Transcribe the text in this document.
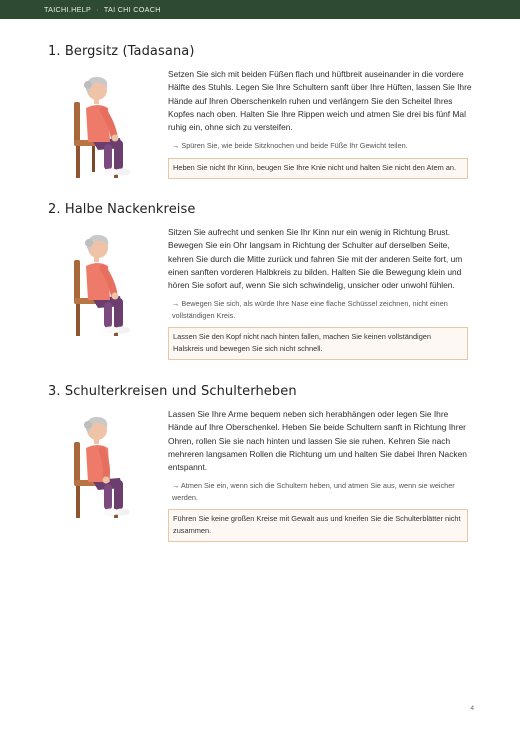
TAICHI.HELP · TAI CHI COACH
1. Bergsitz (Tadasana)
Setzen Sie sich mit beiden Füßen flach und hüftbreit auseinander in die vordere Hälfte des Stuhls. Legen Sie Ihre Schultern sanft über Ihre Hüften, lassen Sie Ihre Hände auf Ihren Oberschenkeln ruhen und verlängern Sie den Scheitel Ihres Kopfes nach oben. Halten Sie Ihre Rippen weich und atmen Sie drei bis fünf Mal ruhig ein, ohne sich zu versteifen.
→ Spüren Sie, wie beide Sitzknochen und beide Füße Ihr Gewicht teilen.
Heben Sie nicht Ihr Kinn, beugen Sie Ihre Knie nicht und halten Sie nicht den Atem an.
2. Halbe Nackenkreise
Sitzen Sie aufrecht und senken Sie Ihr Kinn nur ein wenig in Richtung Brust. Bewegen Sie ein Ohr langsam in Richtung der Schulter auf derselben Seite, kehren Sie durch die Mitte zurück und fahren Sie mit der anderen Seite fort, um einen sanften vorderen Halbkreis zu bilden. Halten Sie die Bewegung klein und hören Sie sofort auf, wenn Sie sich schwindelig, unsicher oder unwohl fühlen.
→ Bewegen Sie sich, als würde Ihre Nase eine flache Schüssel zeichnen, nicht einen vollständigen Kreis.
Lassen Sie den Kopf nicht nach hinten fallen, machen Sie keinen vollständigen Halskreis und bewegen Sie sich nicht schnell.
3. Schulterkreisen und Schulterheben
Lassen Sie Ihre Arme bequem neben sich herabhängen oder legen Sie Ihre Hände auf Ihre Oberschenkel. Heben Sie beide Schultern sanft in Richtung Ihrer Ohren, rollen Sie sie nach hinten und lassen Sie sie ruhen. Kehren Sie nach mehreren langsamen Rollen die Richtung um und halten Sie dabei Ihren Nacken entspannt.
→ Atmen Sie ein, wenn sich die Schultern heben, und atmen Sie aus, wenn sie weicher werden.
Führen Sie keine großen Kreise mit Gewalt aus und kneifen Sie die Schulterblätter nicht zusammen.
4
